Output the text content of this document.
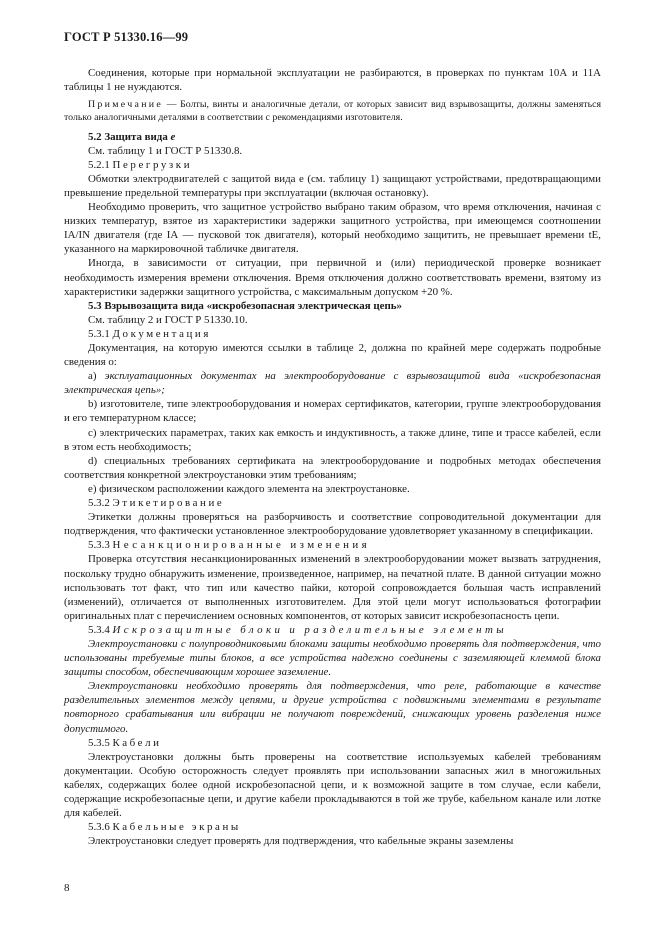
ГОСТ Р 51330.16—99

Соединения, которые при нормальной эксплуатации не разбираются, в проверках по пунктам 10А и 11А таблицы 1 не нуждаются.

Примечание — Болты, винты и аналогичные детали, от которых зависит вид взрывозащиты, должны заменяться только аналогичными деталями в соответствии с рекомендациями изготовителя.

5.2 Защита вида e

См. таблицу 1 и ГОСТ Р 51330.8.

5.2.1 Перегрузки

Обмотки электродвигателей с защитой вида e (см. таблицу 1) защищают устройствами, предотвращающими превышение предельной температуры при эксплуатации (включая остановку).

Необходимо проверить, что защитное устройство выбрано таким образом, что время отключения, начиная с низких температур, взятое из характеристики задержки защитного устройства, при имеющемся соотношении IА/IN двигателя (где IА — пусковой ток двигателя), который необходимо защитить, не превышает времени tE, указанного на маркировочной табличке двигателя.

Иногда, в зависимости от ситуации, при первичной и (или) периодической проверке возникает необходимость измерения времени отключения. Время отключения должно соответствовать времени, взятому из характеристики задержки защитного устройства, с максимальным допуском +20 %.

5.3 Взрывозащита вида «искробезопасная электрическая цепь»

См. таблицу 2 и ГОСТ Р 51330.10.

5.3.1 Документация

Документация, на которую имеются ссылки в таблице 2, должна по крайней мере содержать подробные сведения о:

а) эксплуатационных документах на электрооборудование с взрывозащитой вида «искробезопасная электрическая цепь»;

b) изготовителе, типе электрооборудования и номерах сертификатов, категории, группе электрооборудования и его температурном классе;

c) электрических параметрах, таких как емкость и индуктивность, а также длине, типе и трассе кабелей, если в этом есть необходимость;

d) специальных требованиях сертификата на электрооборудование и подробных методах обеспечения соответствия конкретной электроустановки этим требованиям;

e) физическом расположении каждого элемента на электроустановке.

5.3.2 Этикетирование

Этикетки должны проверяться на разборчивость и соответствие сопроводительной документации для подтверждения, что фактически установленное электрооборудование удовлетворяет указанному в спецификации.

5.3.3 Несанкционированные изменения

Проверка отсутствия несанкционированных изменений в электрооборудовании может вызвать затруднения, поскольку трудно обнаружить изменение, произведенное, например, на печатной плате. В данной ситуации можно использовать тот факт, что тип или качество пайки, которой сопровождается большая часть исправлений (изменений), отличается от выполненных изготовителем. Для этой цели могут использоваться фотографии оригинальных плат с перечислением основных компонентов, от которых зависит искробезопасность цепи.

5.3.4 Искрозащитные блоки и разделительные элементы

Электроустановки с полупроводниковыми блоками защиты необходимо проверять для подтверждения, что использованы требуемые типы блоков, а все устройства надежно соединены с заземляющей клеммой блока защиты способом, обеспечивающим хорошее заземление.

Электроустановки необходимо проверять для подтверждения, что реле, работающие в качестве разделительных элементов между цепями, и другие устройства с подвижными элементами в результате повторного срабатывания или вибрации не получают повреждений, снижающих уровень разделения ниже допустимого.

5.3.5 Кабели

Электроустановки должны быть проверены на соответствие используемых кабелей требованиям документации. Особую осторожность следует проявлять при использовании запасных жил в многожильных кабелях, содержащих более одной искробезопасной цепи, и к возможной защите в том случае, если кабели, содержащие искробезопасные цепи, и другие кабели прокладываются в той же трубе, кабельном канале или лотке для кабелей.

5.3.6 Кабельные экраны

Электроустановки следует проверять для подтверждения, что кабельные экраны заземлены

8
